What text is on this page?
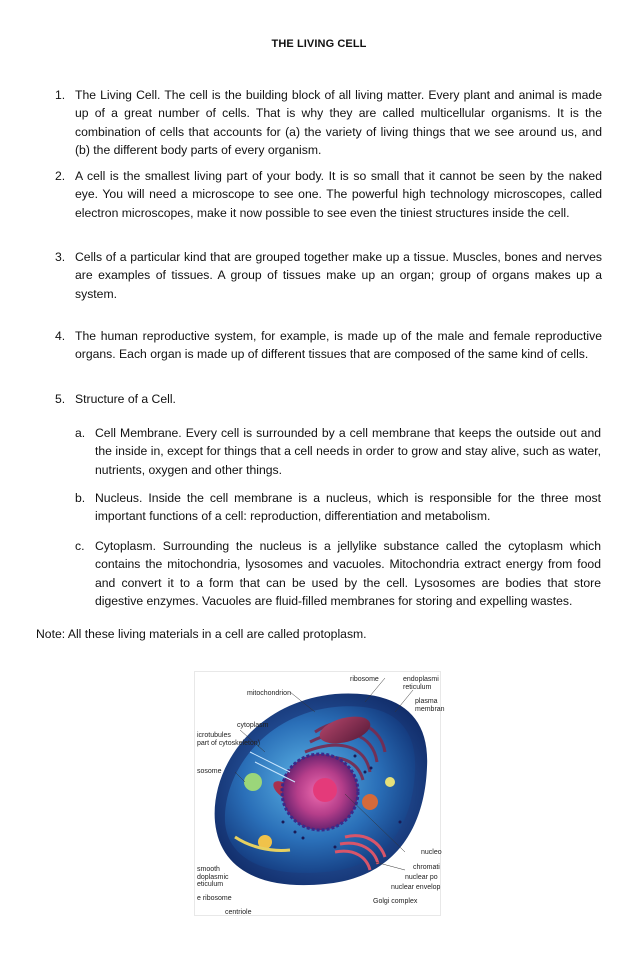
THE LIVING CELL
1. The Living Cell. The cell is the building block of all living matter. Every plant and animal is made up of a great number of cells. That is why they are called multicellular organisms. It is the combination of cells that accounts for (a) the variety of living things that we see around us, and (b) the different body parts of every organism.
2. A cell is the smallest living part of your body. It is so small that it cannot be seen by the naked eye. You will need a microscope to see one. The powerful high technology microscopes, called electron microscopes, make it now possible to see even the tiniest structures inside the cell.
3. Cells of a particular kind that are grouped together make up a tissue. Muscles, bones and nerves are examples of tissues. A group of tissues make up an organ; group of organs makes up a system.
4. The human reproductive system, for example, is made up of the male and female reproductive organs. Each organ is made up of different tissues that are composed of the same kind of cells.
5. Structure of a Cell.
a. Cell Membrane. Every cell is surrounded by a cell membrane that keeps the outside out and the inside in, except for things that a cell needs in order to grow and stay alive, such as water, nutrients, oxygen and other things.
b. Nucleus. Inside the cell membrane is a nucleus, which is responsible for the three most important functions of a cell: reproduction, differentiation and metabolism.
c. Cytoplasm. Surrounding the nucleus is a jellylike substance called the cytoplasm which contains the mitochondria, lysosomes and vacuoles. Mitochondria extract energy from food and convert it to a form that can be used by the cell. Lysosomes are bodies that store digestive enzymes. Vacuoles are fluid-filled membranes for storing and expelling wastes.
Note: All these living materials in a cell are called protoplasm.
ribosome	endoplasmi
reticulum
plasma
membran
mitochondrion
cytoplasm
icrotubules
part of cytoskeleton)
sosome
smooth
doplasmic
eticulum
e ribosome
centriole
nucleo
chromati
nuclear po
nuclear envelop
Golgi complex
